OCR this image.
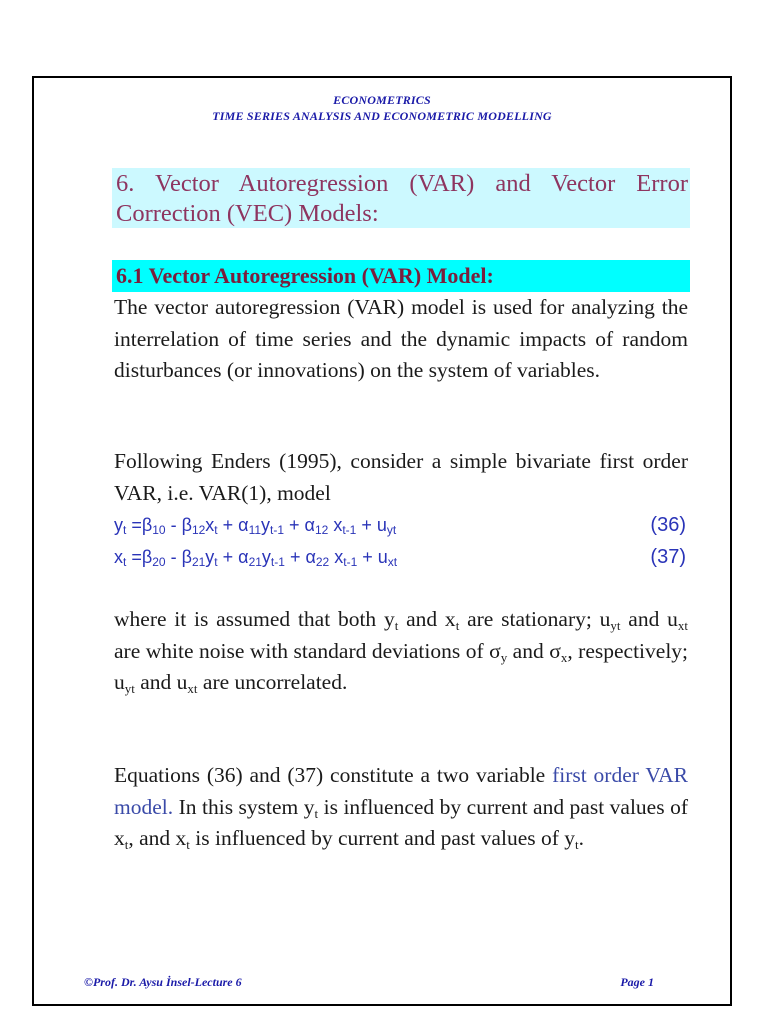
ECONOMETRICS
TIME SERIES ANALYSIS AND ECONOMETRIC MODELLING
6. Vector Autoregression (VAR) and Vector Error Correction (VEC) Models:
6.1 Vector Autoregression (VAR) Model:
The vector autoregression (VAR) model is used for analyzing the interrelation of time series and the dynamic impacts of random disturbances (or innovations) on the system of variables.
Following Enders (1995), consider a simple bivariate first order VAR, i.e. VAR(1), model
$y_t =\beta_{10} - \beta_{12}x_t + \alpha_{11}y_{t-1} + \alpha_{12}$ $x_{t-1} + u_{yt}$	(36)
$x_t =\beta_{20} - \beta_{21}y_t + \alpha_{21}y_{t-1} + \alpha_{22}$ $x_{t-1} + u_{xt}$	(37)
where it is assumed that both $y_t$ and $x_t$ are stationary; $u_{yt}$ and $u_{xt}$ are white noise with standard deviations of $\sigma_y$ and $\sigma_x$, respectively; $u_{yt}$ and $u_{xt}$ are uncorrelated.
Equations (36) and (37) constitute a two variable first order VAR model. In this system $y_t$ is influenced by current and past values of $x_t$, and $x_t$ is influenced by current and past values of $y_t$.
©Prof. Dr. Aysu İnsel-Lecture 6	Page 1
